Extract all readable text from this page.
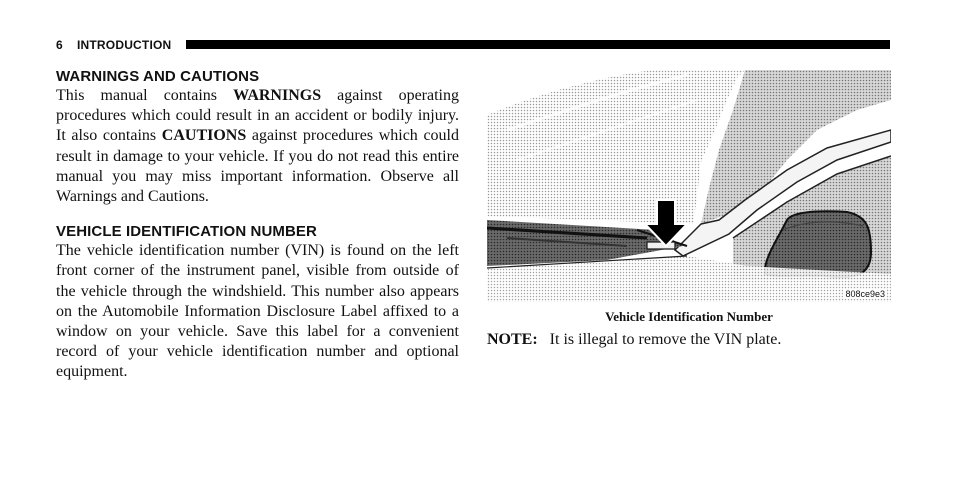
6 INTRODUCTION
WARNINGS AND CAUTIONS

This manual contains WARNINGS against operating procedures which could result in an accident or bodily injury. It also contains CAUTIONS against procedures which could result in damage to your vehicle. If you do not read this entire manual you may miss important information. Observe all Warnings and Cautions.

VEHICLE IDENTIFICATION NUMBER

The vehicle identification number (VIN) is found on the left front corner of the instrument panel, visible from outside of the vehicle through the windshield. This number also appears on the Automobile Information Disclosure Label affixed to a window on your vehicle. Save this label for a convenient record of your vehicle identification number and optional equipment.

808ce9e3
Vehicle Identification Number
NOTE: It is illegal to remove the VIN plate.
